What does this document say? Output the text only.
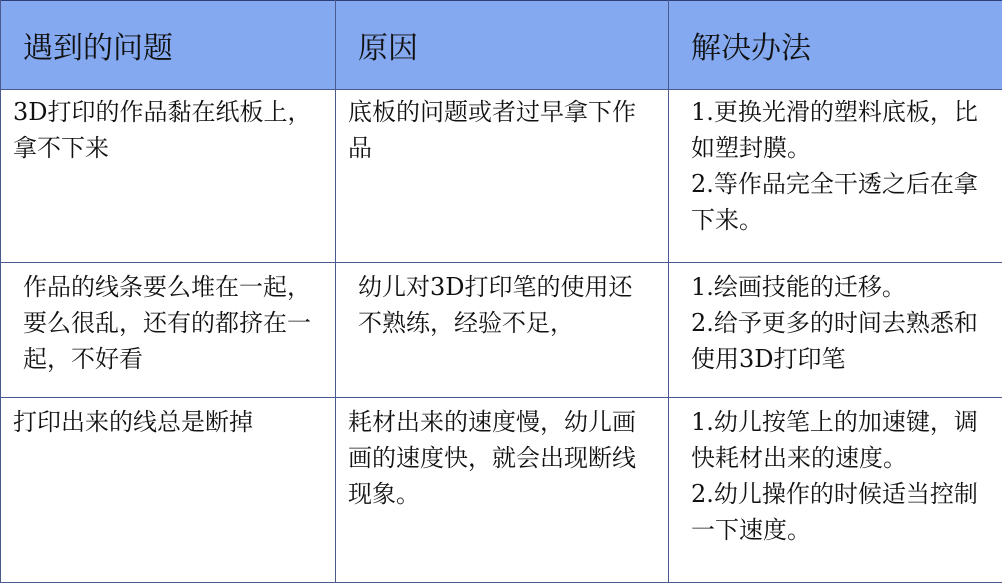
遇到的问题	原因	解决办法
3D打印的作品黏在纸板上，拿不下来	底板的问题或者过早拿下作品	1.更换光滑的塑料底板，比如塑封膜。
2.等作品完全干透之后在拿下来。

作品的线条要么堆在一起，要么很乱，还有的都挤在一起，不好看	幼儿对3D打印笔的使用还不熟练，经验不足，	1.绘画技能的迁移。
2.给予更多的时间去熟悉和使用3D打印笔

打印出来的线总是断掉	耗材出来的速度慢，幼儿画画的速度快，就会出现断线现象。	1.幼儿按笔上的加速键，调快耗材出来的速度。
2.幼儿操作的时候适当控制一下速度。
